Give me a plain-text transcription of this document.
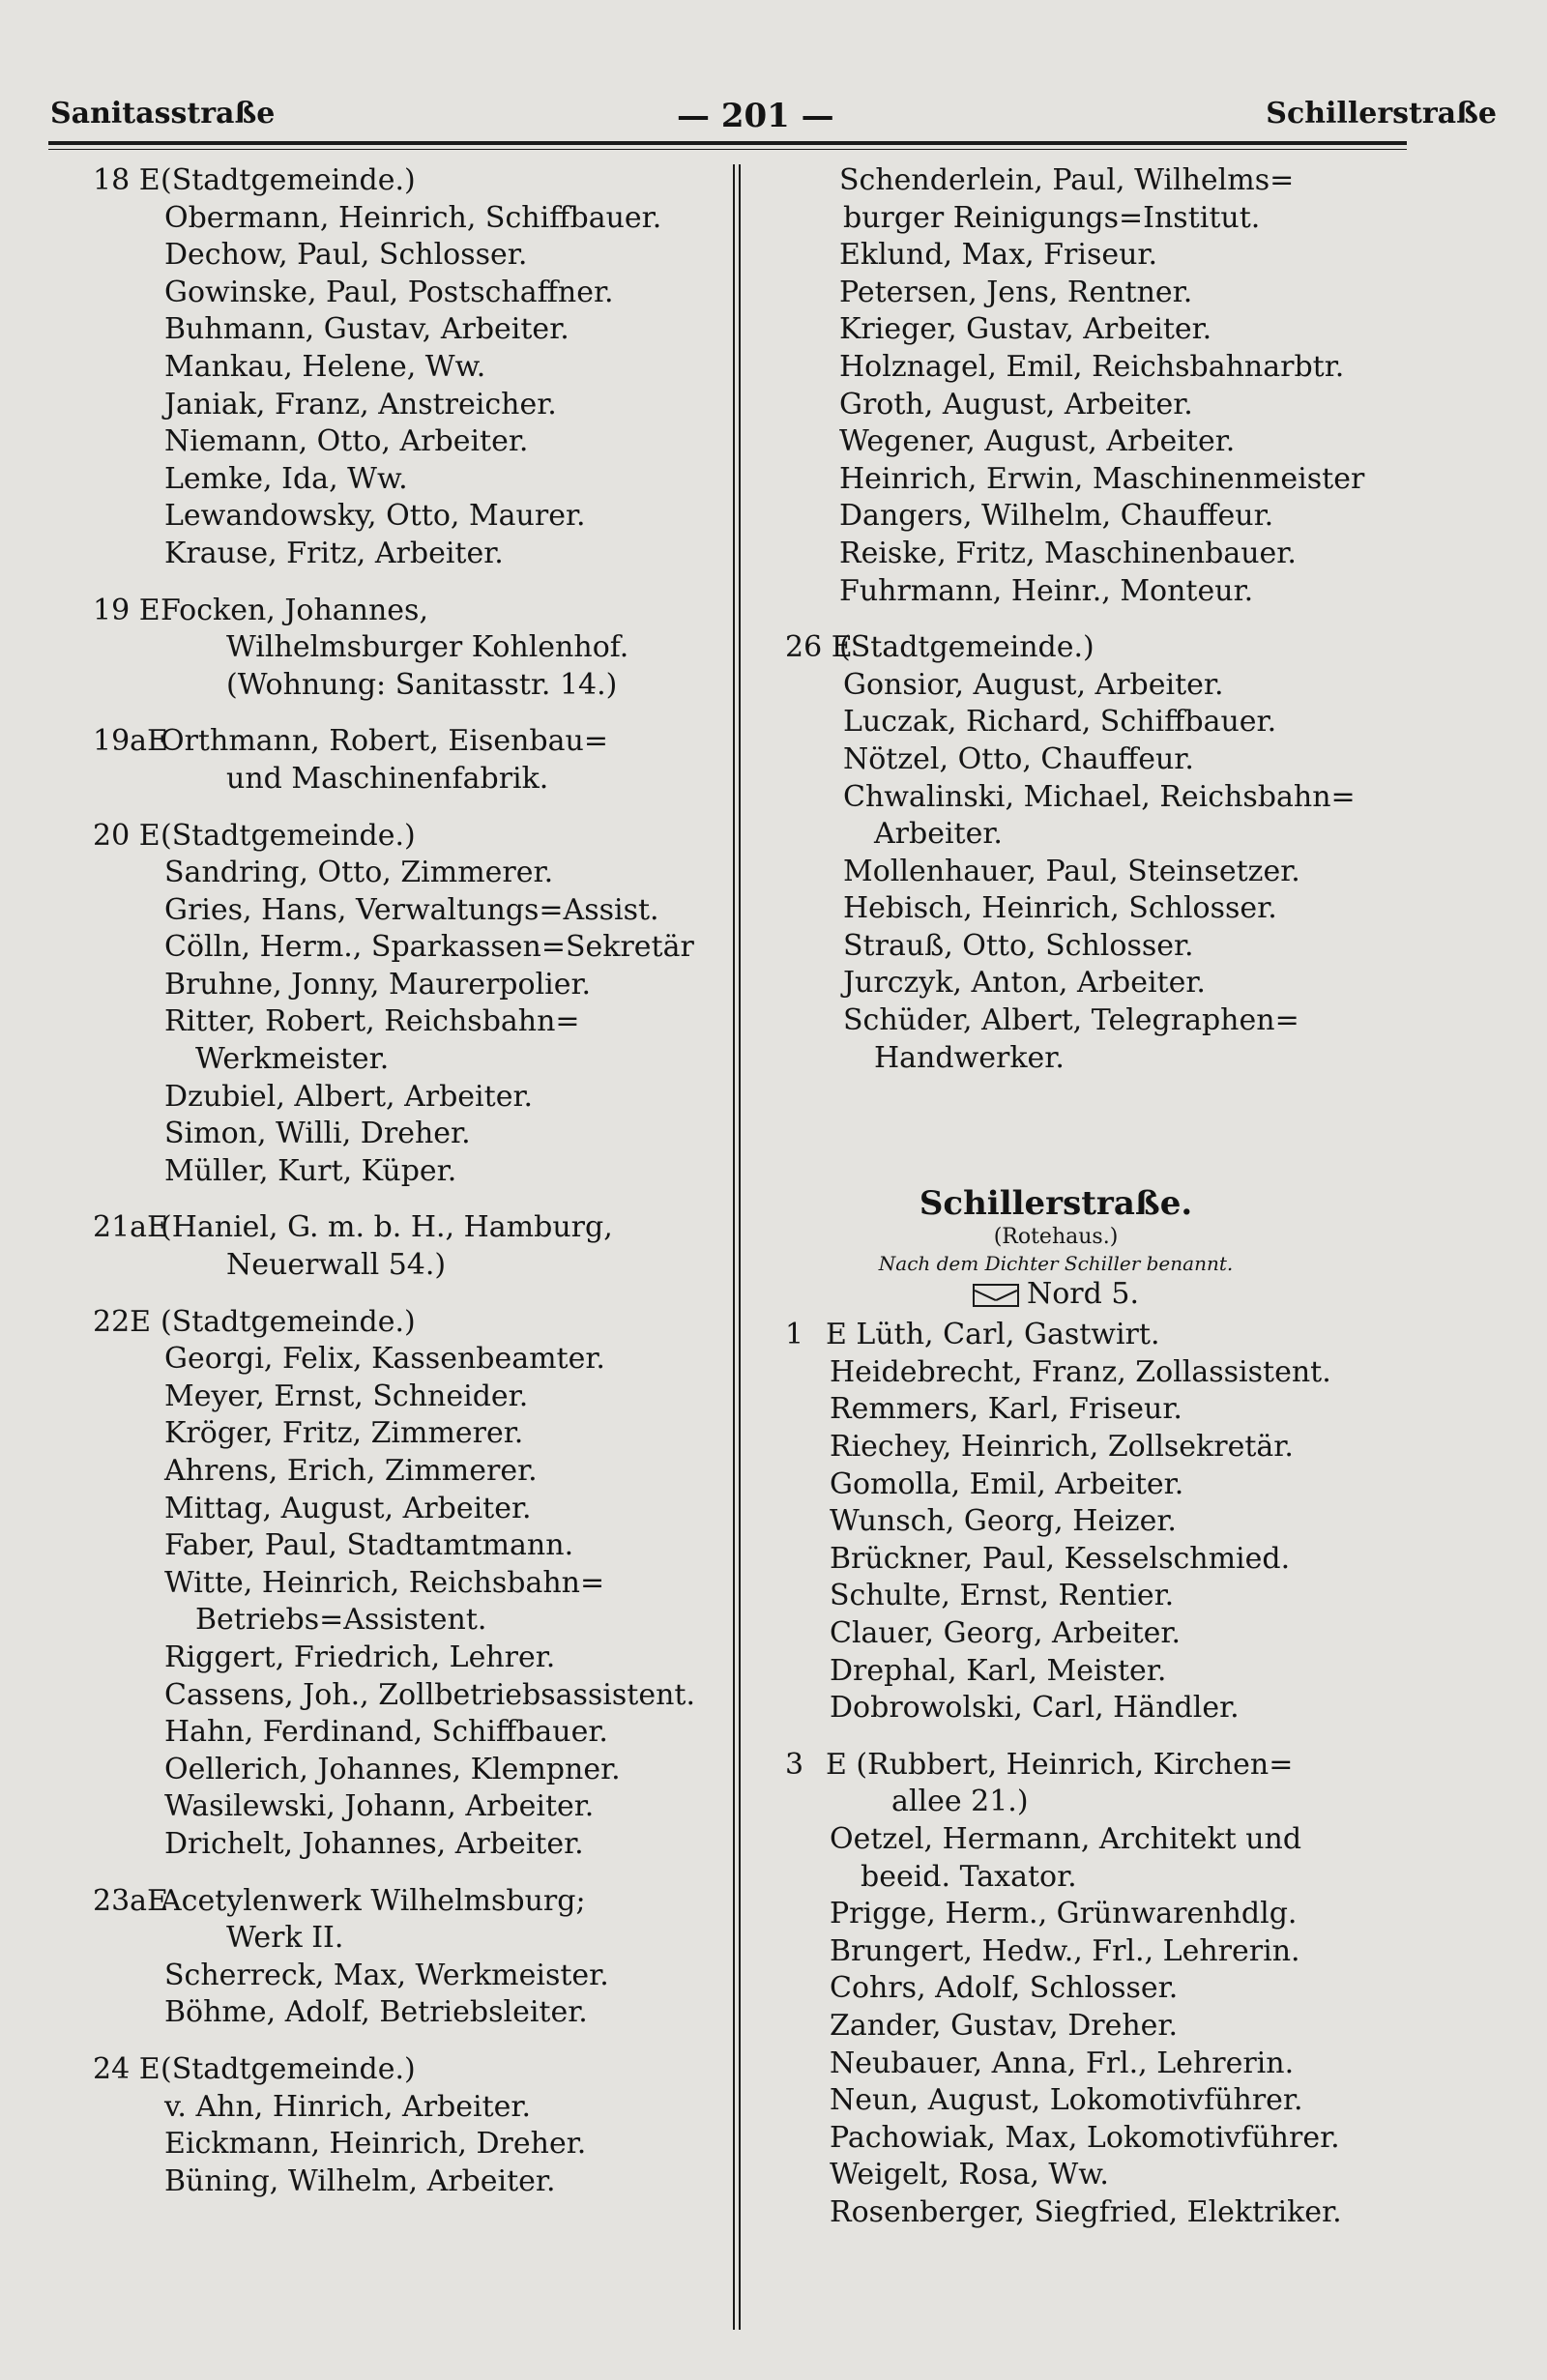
Sanitasstraße	— 201 —	Schillerstraße
18 E (Stadtgemeinde.)
Obermann, Heinrich, Schiffbauer.
Dechow, Paul, Schlosser.
Gowinske, Paul, Postschaffner.
Buhmann, Gustav, Arbeiter.
Mankau, Helene, Ww.
Janiak, Franz, Anstreicher.
Niemann, Otto, Arbeiter.
Lemke, Ida, Ww.
Lewandowsky, Otto, Maurer.
Krause, Fritz, Arbeiter.
19 E Focken, Johannes,
Wilhelmsburger Kohlenhof.
(Wohnung: Sanitasstr. 14.)
19aE
Orthmann, Robert, Eisenbau=
und Maschinenfabrik.
20 E (Stadtgemeinde.)
Sandring, Otto, Zimmerer.
Gries, Hans, Verwaltungs=Assist.
Cölln, Herm., Sparkassen=Sekretär
Bruhne, Jonny, Maurerpolier.
Ritter, Robert, Reichsbahn=
Werkmeister.
Dzubiel, Albert, Arbeiter.
Simon, Willi, Dreher.
Müller, Kurt, Küper.
21aE
(Haniel, G. m. b. H., Hamburg,
Neuerwall 54.)
22E (Stadtgemeinde.)
Georgi, Felix, Kassenbeamter.
Meyer, Ernst, Schneider.
Kröger, Fritz, Zimmerer.
Ahrens, Erich, Zimmerer.
Mittag, August, Arbeiter.
Faber, Paul, Stadtamtmann.
Witte, Heinrich, Reichsbahn=
Betriebs=Assistent.
Riggert, Friedrich, Lehrer.
Cassens, Joh., Zollbetriebsassistent.
Hahn, Ferdinand, Schiffbauer.
Oellerich, Johannes, Klempner.
Wasilewski, Johann, Arbeiter.
Drichelt, Johannes, Arbeiter.
23aE
Acetylenwerk Wilhelmsburg;
Werk II.
Scherreck, Max, Werkmeister.
Böhme, Adolf, Betriebsleiter.
24 E (Stadtgemeinde.)
v. Ahn, Hinrich, Arbeiter.
Eickmann, Heinrich, Dreher.
Büning, Wilhelm, Arbeiter.
Schenderlein, Paul, Wilhelms=
burger Reinigungs=Institut.
Eklund, Max, Friseur.
Petersen, Jens, Rentner.
Krieger, Gustav, Arbeiter.
Holznagel, Emil, Reichsbahnarbtr.
Groth, August, Arbeiter.
Wegener, August, Arbeiter.
Heinrich, Erwin, Maschinenmeister
Dangers, Wilhelm, Chauffeur.
Reiske, Fritz, Maschinenbauer.
Fuhrmann, Heinr., Monteur.
26 E
(Stadtgemeinde.)
Gonsior, August, Arbeiter.
Luczak, Richard, Schiffbauer.
Nötzel, Otto, Chauffeur.
Chwalinski, Michael, Reichsbahn=
Arbeiter.
Mollenhauer, Paul, Steinsetzer.
Hebisch, Heinrich, Schlosser.
Strauß, Otto, Schlosser.
Jurczyk, Anton, Arbeiter.
Schüder, Albert, Telegraphen=
Handwerker.
Schillerstraße.
(Rotehaus.)
Nach dem Dichter Schiller benannt.
Nord 5.
1 E Lüth, Carl, Gastwirt.
Heidebrecht, Franz, Zollassistent.
Remmers, Karl, Friseur.
Riechey, Heinrich, Zollsekretär.
Gomolla, Emil, Arbeiter.
Wunsch, Georg, Heizer.
Brückner, Paul, Kesselschmied.
Schulte, Ernst, Rentier.
Clauer, Georg, Arbeiter.
Drephal, Karl, Meister.
Dobrowolski, Carl, Händler.
3 E (Rubbert, Heinrich, Kirchen=
allee 21.)
Oetzel, Hermann, Architekt und
beeid. Taxator.
Prigge, Herm., Grünwarenhdlg.
Brungert, Hedw., Frl., Lehrerin.
Cohrs, Adolf, Schlosser.
Zander, Gustav, Dreher.
Neubauer, Anna, Frl., Lehrerin.
Neun, August, Lokomotivführer.
Pachowiak, Max, Lokomotivführer.
Weigelt, Rosa, Ww.
Rosenberger, Siegfried, Elektriker.
